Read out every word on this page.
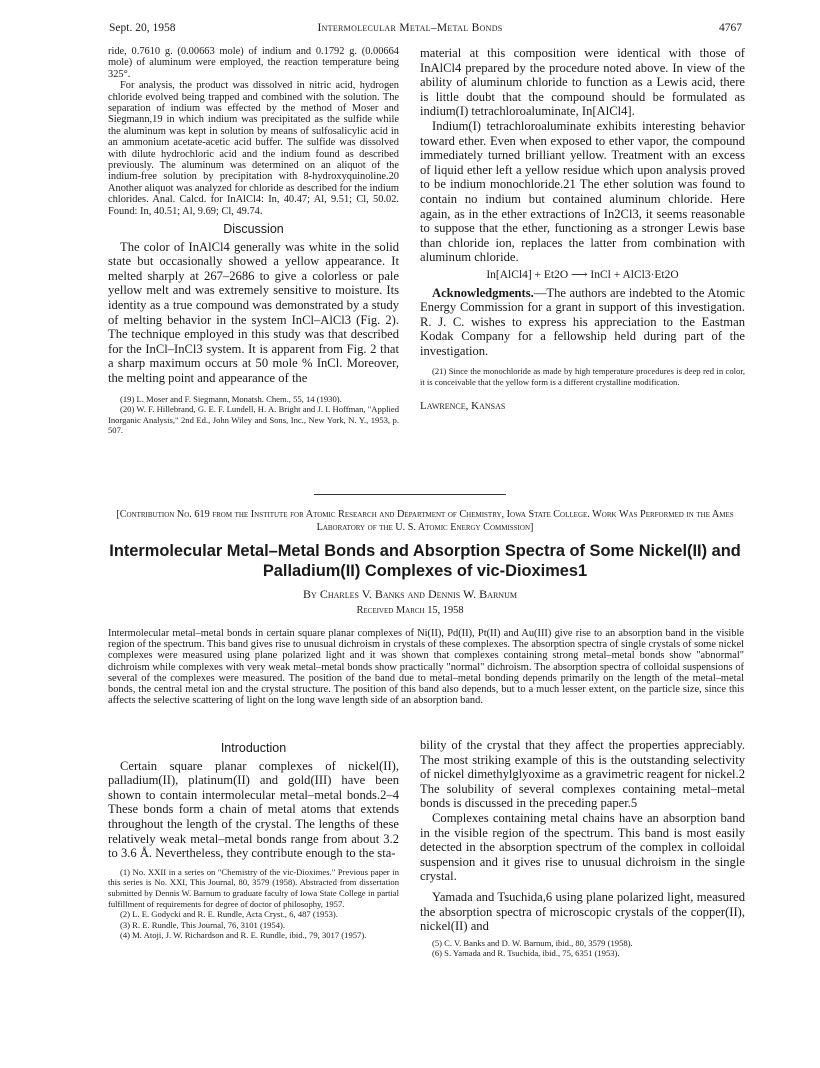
Sept. 20, 1958	Intermolecular Metal–Metal Bonds	4767

ride, 0.7610 g. (0.00663 mole) of indium and 0.1792 g. (0.00664 mole) of aluminum were employed, the reaction temperature being 325°.

For analysis, the product was dissolved in nitric acid, hydrogen chloride evolved being trapped and combined with the solution. The separation of indium was effected by the method of Moser and Siegmann,19 in which indium was precipitated as the sulfide while the aluminum was kept in solution by means of sulfosalicylic acid in an ammonium acetate-acetic acid buffer. The sulfide was dissolved with dilute hydrochloric acid and the indium found as described previously. The aluminum was determined on an aliquot of the indium-free solution by precipitation with 8-hydroxyquinoline.20 Another aliquot was analyzed for chloride as described for the indium chlorides. Anal. Calcd. for InAlCl4: In, 40.47; Al, 9.51; Cl, 50.02. Found: In, 40.51; Al, 9.69; Cl, 49.74.

Discussion

The color of InAlCl4 generally was white in the solid state but occasionally showed a yellow appearance. It melted sharply at 267–2686 to give a colorless or pale yellow melt and was extremely sensitive to moisture. Its identity as a true compound was demonstrated by a study of melting behavior in the system InCl–AlCl3 (Fig. 2). The technique employed in this study was that described for the InCl–InCl3 system. It is apparent from Fig. 2 that a sharp maximum occurs at 50 mole % InCl. Moreover, the melting point and appearance of the

(19) L. Moser and F. Siegmann, Monatsh. Chem., 55, 14 (1930).

(20) W. F. Hillebrand, G. E. F. Lundell, H. A. Bright and J. I. Hoffman, "Applied Inorganic Analysis," 2nd Ed., John Wiley and Sons, Inc., New York, N. Y., 1953, p. 507.

material at this composition were identical with those of InAlCl4 prepared by the procedure noted above. In view of the ability of aluminum chloride to function as a Lewis acid, there is little doubt that the compound should be formulated as indium(I) tetrachloroaluminate, In[AlCl4].

Indium(I) tetrachloroaluminate exhibits interesting behavior toward ether. Even when exposed to ether vapor, the compound immediately turned brilliant yellow. Treatment with an excess of liquid ether left a yellow residue which upon analysis proved to be indium monochloride.21 The ether solution was found to contain no indium but contained aluminum chloride. Here again, as in the ether extractions of In2Cl3, it seems reasonable to suppose that the ether, functioning as a stronger Lewis base than chloride ion, replaces the latter from combination with aluminum chloride.

In[AlCl4] + Et2O ⟶ InCl + AlCl3·Et2O

Acknowledgments.—The authors are indebted to the Atomic Energy Commission for a grant in support of this investigation. R. J. C. wishes to express his appreciation to the Eastman Kodak Company for a fellowship held during part of the investigation.

(21) Since the monochloride as made by high temperature procedures is deep red in color, it is conceivable that the yellow form is a different crystalline modification.

Lawrence, Kansas

[Contribution No. 619 from the Institute for Atomic Research and Department of Chemistry, Iowa State College. Work Was Performed in the Ames Laboratory of the U. S. Atomic Energy Commission]
Intermolecular Metal–Metal Bonds and Absorption Spectra of Some Nickel(II) and
Palladium(II) Complexes of vic-Dioximes1
By Charles V. Banks and Dennis W. Barnum
Received March 15, 1958
Intermolecular metal–metal bonds in certain square planar complexes of Ni(II), Pd(II), Pt(II) and Au(III) give rise to an absorption band in the visible region of the spectrum. This band gives rise to unusual dichroism in crystals of these complexes. The absorption spectra of single crystals of some nickel complexes were measured using plane polarized light and it was shown that complexes containing strong metal–metal bonds show "abnormal" dichroism while complexes with very weak metal–metal bonds show practically "normal" dichroism. The absorption spectra of colloidal suspensions of several of the complexes were measured. The position of the band due to metal–metal bonding depends primarily on the length of the metal–metal bonds, the central metal ion and the crystal structure. The position of this band also depends, but to a much lesser extent, on the particle size, since this affects the selective scattering of light on the long wave length side of an absorption band.
Introduction

Certain square planar complexes of nickel(II), palladium(II), platinum(II) and gold(III) have been shown to contain intermolecular metal–metal bonds.2–4 These bonds form a chain of metal atoms that extends throughout the length of the crystal. The lengths of these relatively weak metal–metal bonds range from about 3.2 to 3.6 Å. Nevertheless, they contribute enough to the sta-

(1) No. XXII in a series on "Chemistry of the vic-Dioximes." Previous paper in this series is No. XXI, This Journal, 80, 3579 (1958). Abstracted from dissertation submitted by Dennis W. Barnum to graduate faculty of Iowa State College in partial fulfillment of requirements for degree of doctor of philosophy, 1957.

(2) L. E. Godycki and R. E. Rundle, Acta Cryst., 6, 487 (1953).

(3) R. E. Rundle, This Journal, 76, 3101 (1954).

(4) M. Atoji, J. W. Richardson and R. E. Rundle, ibid., 79, 3017 (1957).

bility of the crystal that they affect the properties appreciably. The most striking example of this is the outstanding selectivity of nickel dimethylglyoxime as a gravimetric reagent for nickel.2 The solubility of several complexes containing metal–metal bonds is discussed in the preceding paper.5

Complexes containing metal chains have an absorption band in the visible region of the spectrum. This band is most easily detected in the absorption spectrum of the complex in colloidal suspension and it gives rise to unusual dichroism in the single crystal.

Yamada and Tsuchida,6 using plane polarized light, measured the absorption spectra of microscopic crystals of the copper(II), nickel(II) and

(5) C. V. Banks and D. W. Barnum, ibid., 80, 3579 (1958).

(6) S. Yamada and R. Tsuchida, ibid., 75, 6351 (1953).
